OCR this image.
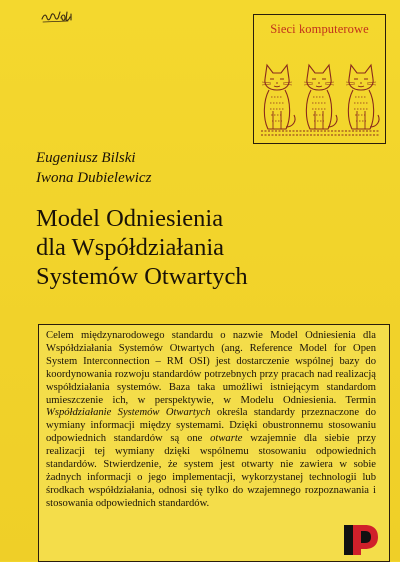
Sieci komputerowe
Eugeniusz Bilski
Iwona Dubielewicz
Model Odniesienia
dla Współdziałania
Systemów Otwartych

Celem międzynarodowego standardu o nazwie Model Odniesienia dla Współdziałania Systemów Otwartych (ang. Reference Model for Open System Interconnection – RM OSI) jest dostarczenie wspólnej bazy do koordynowania rozwoju standardów potrzebnych przy pracach nad realizacją współdziałania systemów. Baza taka umożliwi istniejącym standardom umieszczenie ich, w perspektywie, w Modelu Odniesienia. Termin Współdziałanie Systemów Otwartych określa standardy przeznaczone do wymiany informacji między systemami. Dzięki obustronnemu stosowaniu odpowiednich standardów są one otwarte wzajemnie dla siebie przy realizacji tej wymiany dzięki wspólnemu stosowaniu odpowiednich standardów. Stwierdzenie, że system jest otwarty nie zawiera w sobie żadnych informacji o jego implementacji, wykorzystanej technologii lub środkach współdziałania, odnosi się tylko do wzajemnego rozpoznawania i stosowania odpowiednich standardów.
